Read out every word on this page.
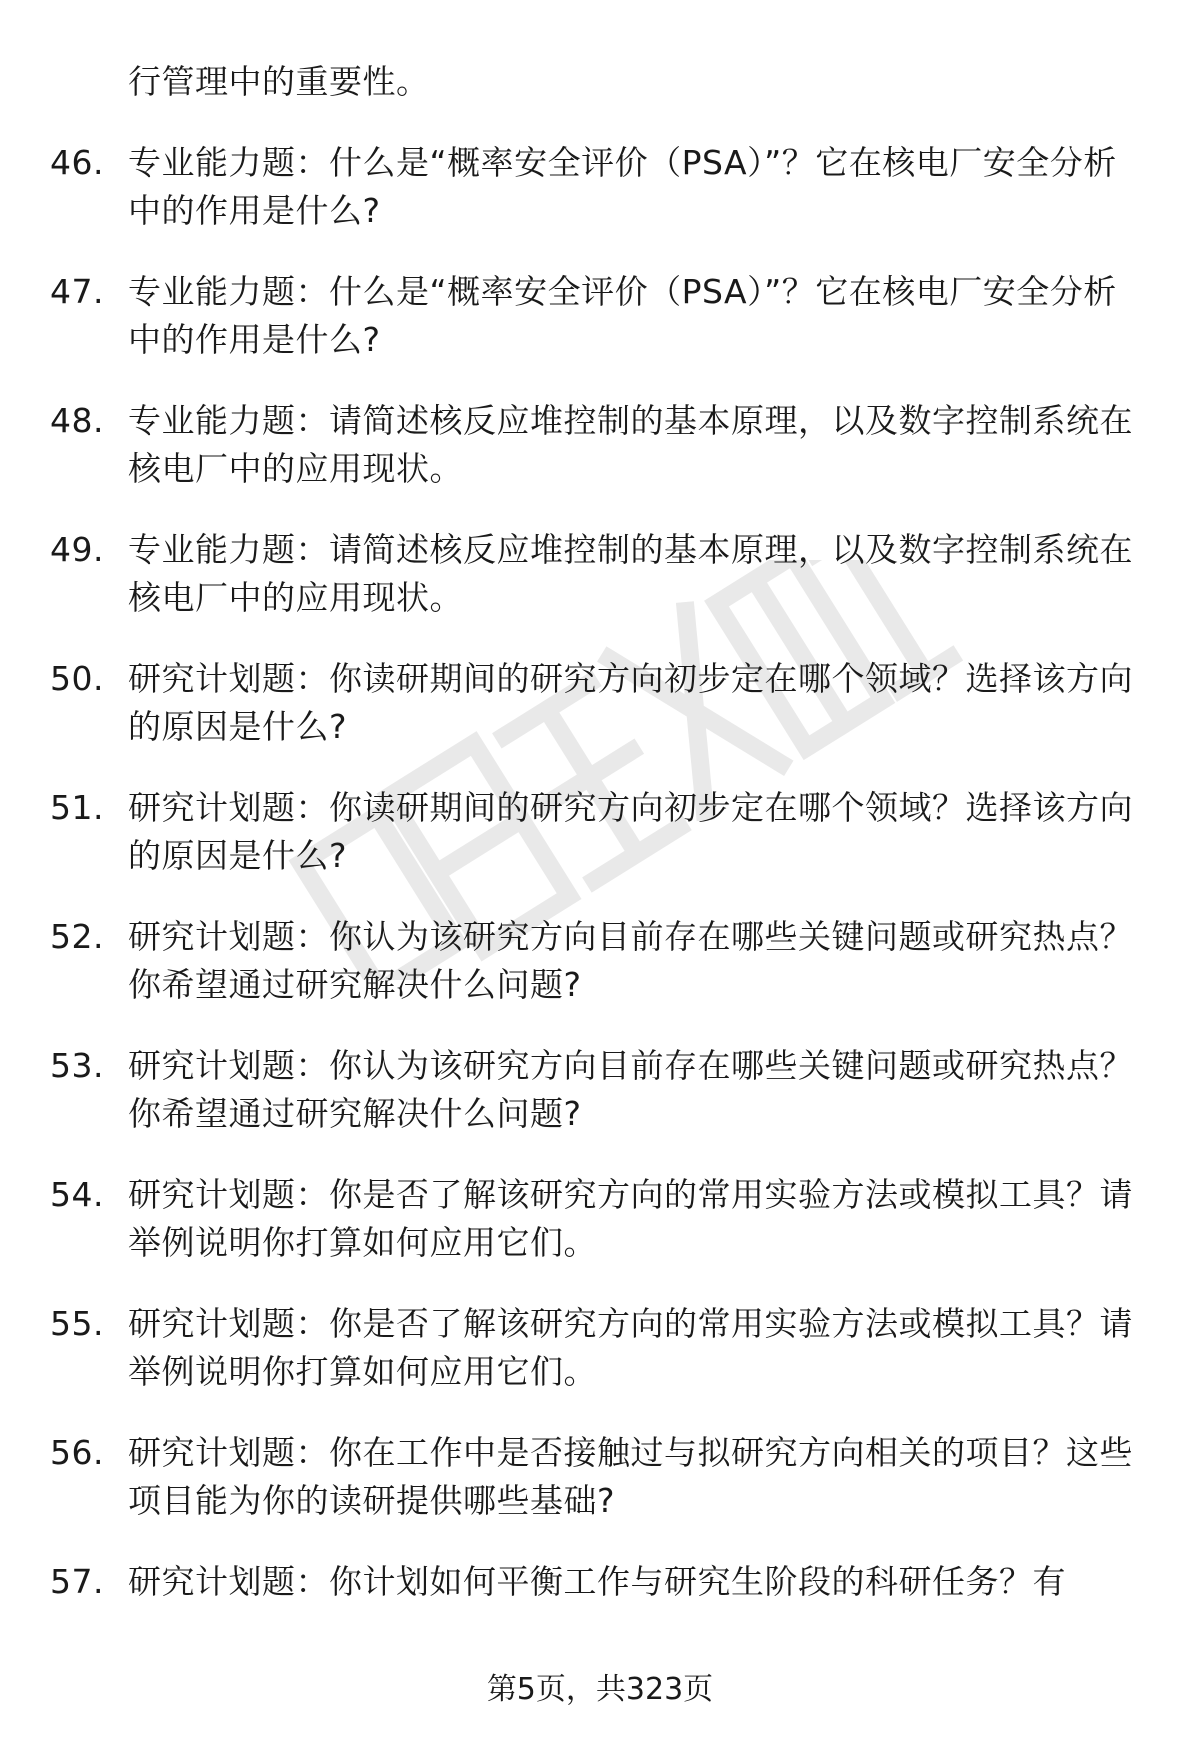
行管理中的重要性。
46. 专业能力题：什么是“概率安全评价（PSA）”？它在核电厂安全分析中的作用是什么?
47. 专业能力题：什么是“概率安全评价（PSA）”？它在核电厂安全分析中的作用是什么?
48. 专业能力题：请简述核反应堆控制的基本原理，以及数字控制系统在核电厂中的应用现状。
49. 专业能力题：请简述核反应堆控制的基本原理，以及数字控制系统在核电厂中的应用现状。
50. 研究计划题：你读研期间的研究方向初步定在哪个领域？选择该方向的原因是什么?
51. 研究计划题：你读研期间的研究方向初步定在哪个领域？选择该方向的原因是什么?
52. 研究计划题：你认为该研究方向目前存在哪些关键问题或研究热点？你希望通过研究解决什么问题?
53. 研究计划题：你认为该研究方向目前存在哪些关键问题或研究热点？你希望通过研究解决什么问题?
54. 研究计划题：你是否了解该研究方向的常用实验方法或模拟工具？请举例说明你打算如何应用它们。
55. 研究计划题：你是否了解该研究方向的常用实验方法或模拟工具？请举例说明你打算如何应用它们。
56. 研究计划题：你在工作中是否接触过与拟研究方向相关的项目？这些项目能为你的读研提供哪些基础?
57. 研究计划题：你计划如何平衡工作与研究生阶段的科研任务？有
第5页，共323页
